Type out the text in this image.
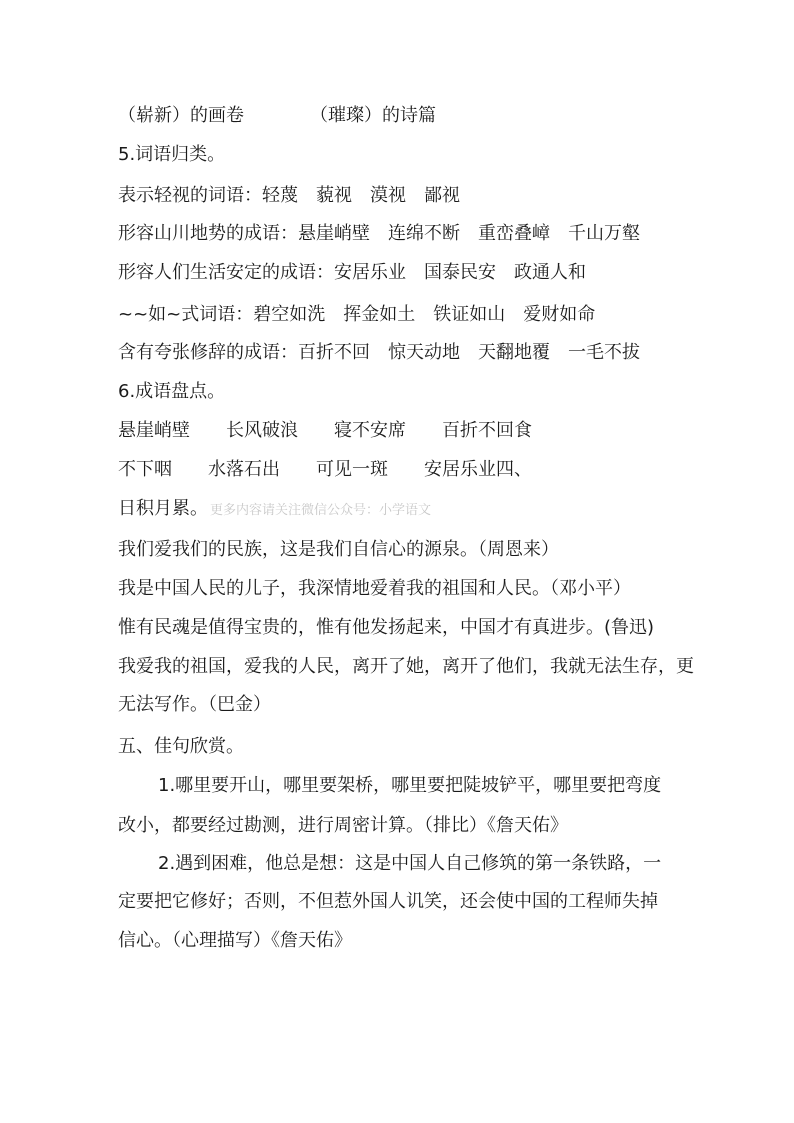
（崭新）的画卷	（璀璨）的诗篇
5.词语归类。
表示轻视的词语：轻蔑　藐视　漠视　鄙视
形容山川地势的成语：悬崖峭壁　连绵不断　重峦叠嶂　千山万壑
形容人们生活安定的成语：安居乐业　国泰民安　政通人和
~~如~式词语：碧空如洗　挥金如土　铁证如山　爱财如命
含有夸张修辞的成语：百折不回　惊天动地　天翻地覆　一毛不拔
6.成语盘点。
悬崖峭壁　　长风破浪　　寝不安席　　百折不回食
不下咽　　水落石出　　可见一斑　　安居乐业四、
日积月累。 更多内容请关注微信公众号：小学语文
我们爱我们的民族，这是我们自信心的源泉。（周恩来）
我是中国人民的儿子，我深情地爱着我的祖国和人民。（邓小平）
惟有民魂是值得宝贵的，惟有他发扬起来，中国才有真进步。(鲁迅)
我爱我的祖国，爱我的人民，离开了她，离开了他们，我就无法生存，更
无法写作。（巴金）
五、佳句欣赏。
1.哪里要开山，哪里要架桥，哪里要把陡坡铲平，哪里要把弯度
改小，都要经过勘测，进行周密计算。（排比）《詹天佑》
2.遇到困难，他总是想：这是中国人自己修筑的第一条铁路，一
定要把它修好；否则，不但惹外国人讥笑，还会使中国的工程师失掉
信心。（心理描写）《詹天佑》
